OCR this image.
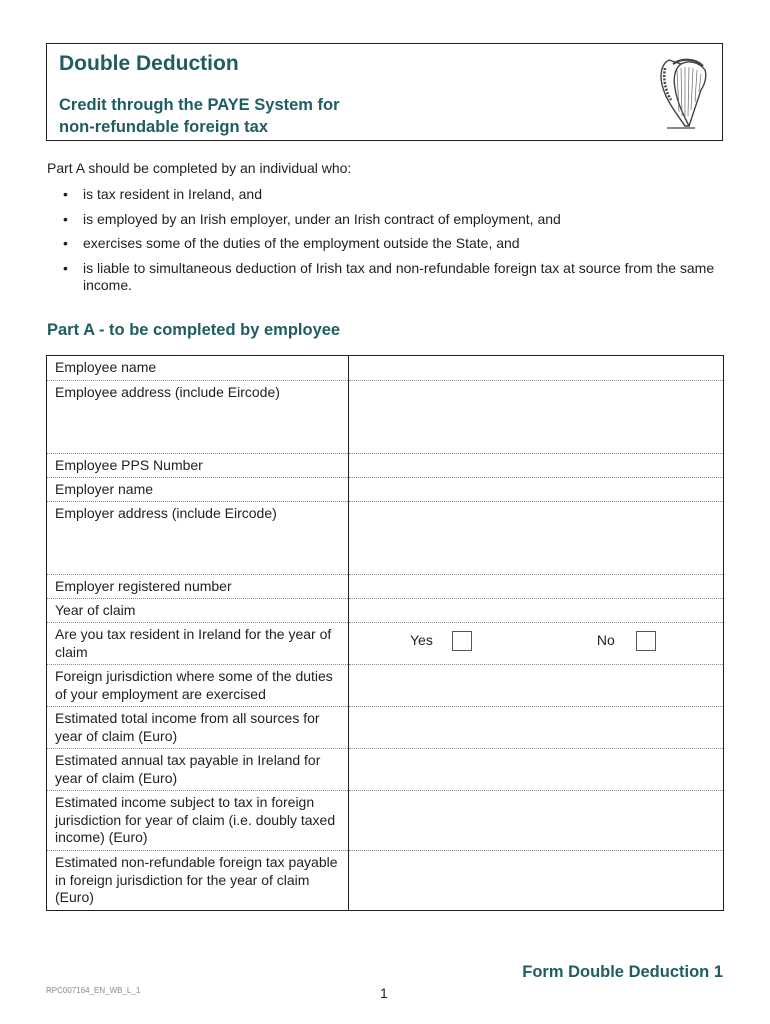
Double Deduction
Credit through the PAYE System for
non-refundable foreign tax
Part A should be completed by an individual who:
• is tax resident in Ireland, and
• is employed by an Irish employer, under an Irish contract of employment, and
• exercises some of the duties of the employment outside the State, and
• is liable to simultaneous deduction of Irish tax and non-refundable foreign tax at source from the same income.
Part A - to be completed by employee
Employee name	
Employee address (include Eircode)	
Employee PPS Number	
Employer name	
Employer address (include Eircode)	
Employer registered number	
Year of claim	
Are you tax resident in Ireland for the year of claim	Yes No

Foreign jurisdiction where some of the duties of your employment are exercised	
Estimated total income from all sources for year of claim (Euro)	
Estimated annual tax payable in Ireland for year of claim (Euro)	
Estimated income subject to tax in foreign jurisdiction for year of claim (i.e. doubly taxed income) (Euro)	
Estimated non-refundable foreign tax payable in foreign jurisdiction for the year of claim (Euro)	
Form Double Deduction 1
RPC007164_EN_WB_L_1	1
